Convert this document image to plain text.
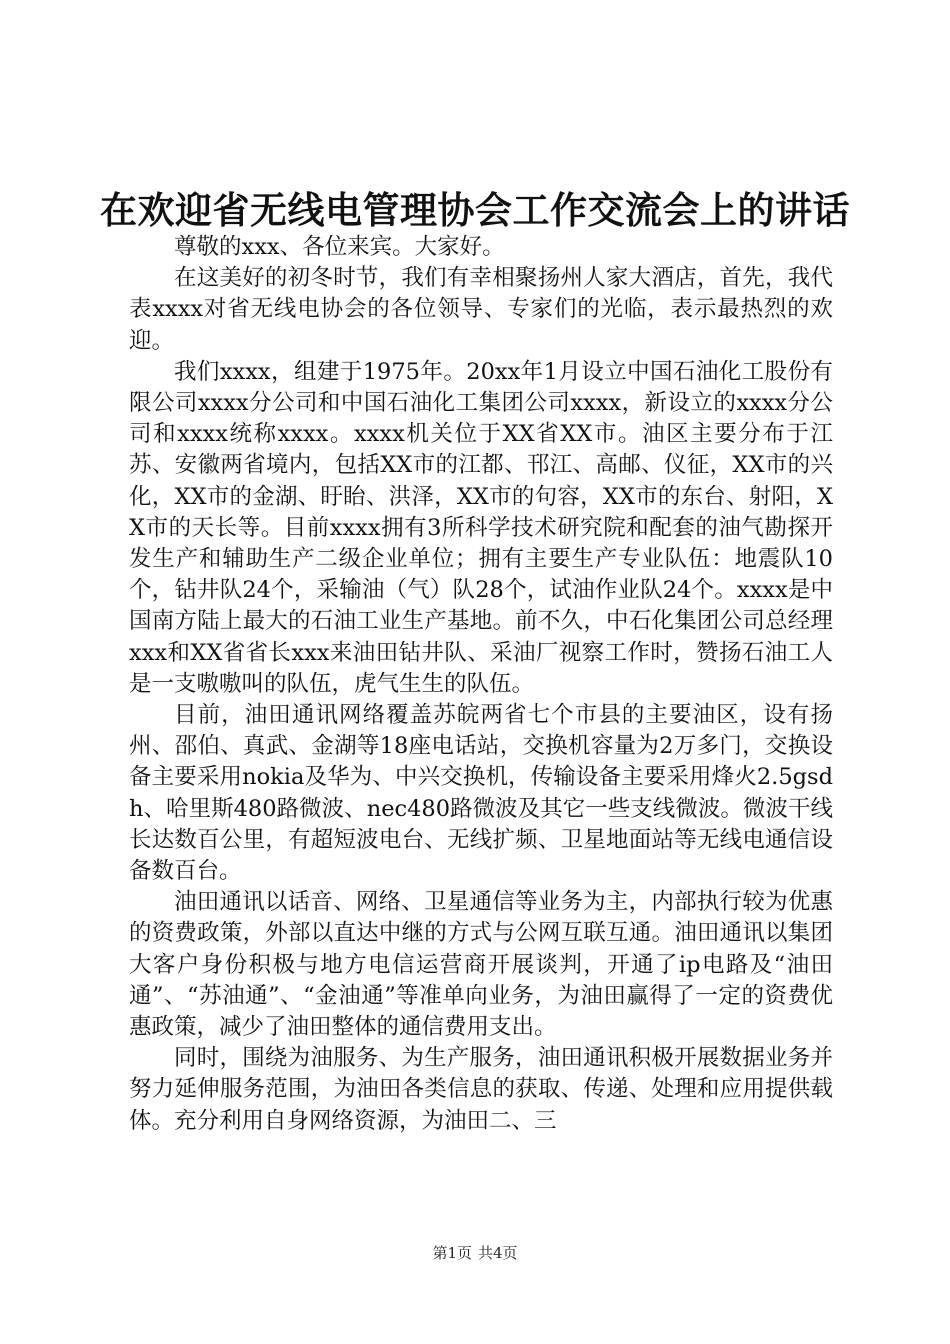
在欢迎省无线电管理协会工作交流会上的讲话

尊敬的xxx、各位来宾。大家好。

在这美好的初冬时节，我们有幸相聚扬州人家大酒店，首先，我代表xxxx对省无线电协会的各位领导、专家们的光临，表示最热烈的欢迎。

我们xxxx，组建于1975年。20xx年1月设立中国石油化工股份有限公司xxxx分公司和中国石油化工集团公司xxxx，新设立的xxxx分公司和xxxx统称xxxx。xxxx机关位于XX省XX市。油区主要分布于江苏、安徽两省境内，包括XX市的江都、邗江、高邮、仪征，XX市的兴化，XX市的金湖、盱眙、洪泽，XX市的句容，XX市的东台、射阳，XX市的天长等。目前xxxx拥有3所科学技术研究院和配套的油气勘探开发生产和辅助生产二级企业单位；拥有主要生产专业队伍：地震队10个，钻井队24个，采输油（气）队28个，试油作业队24个。xxxx是中国南方陆上最大的石油工业生产基地。前不久，中石化集团公司总经理xxx和XX省省长xxx来油田钻井队、采油厂视察工作时，赞扬石油工人是一支嗷嗷叫的队伍，虎气生生的队伍。

目前，油田通讯网络覆盖苏皖两省七个市县的主要油区，设有扬州、邵伯、真武、金湖等18座电话站，交换机容量为2万多门，交换设备主要采用nokia及华为、中兴交换机，传输设备主要采用烽火2.5gsdh、哈里斯480路微波、nec480路微波及其它一些支线微波。微波干线长达数百公里，有超短波电台、无线扩频、卫星地面站等无线电通信设备数百台。

油田通讯以话音、网络、卫星通信等业务为主，内部执行较为优惠的资费政策，外部以直达中继的方式与公网互联互通。油田通讯以集团大客户身份积极与地方电信运营商开展谈判，开通了ip电路及“油田通”、“苏油通”、“金油通”等准单向业务，为油田赢得了一定的资费优惠政策，减少了油田整体的通信费用支出。

同时，围绕为油服务、为生产服务，油田通讯积极开展数据业务并努力延伸服务范围，为油田各类信息的获取、传递、处理和应用提供载体。充分利用自身网络资源，为油田二、三

第1页 共4页
